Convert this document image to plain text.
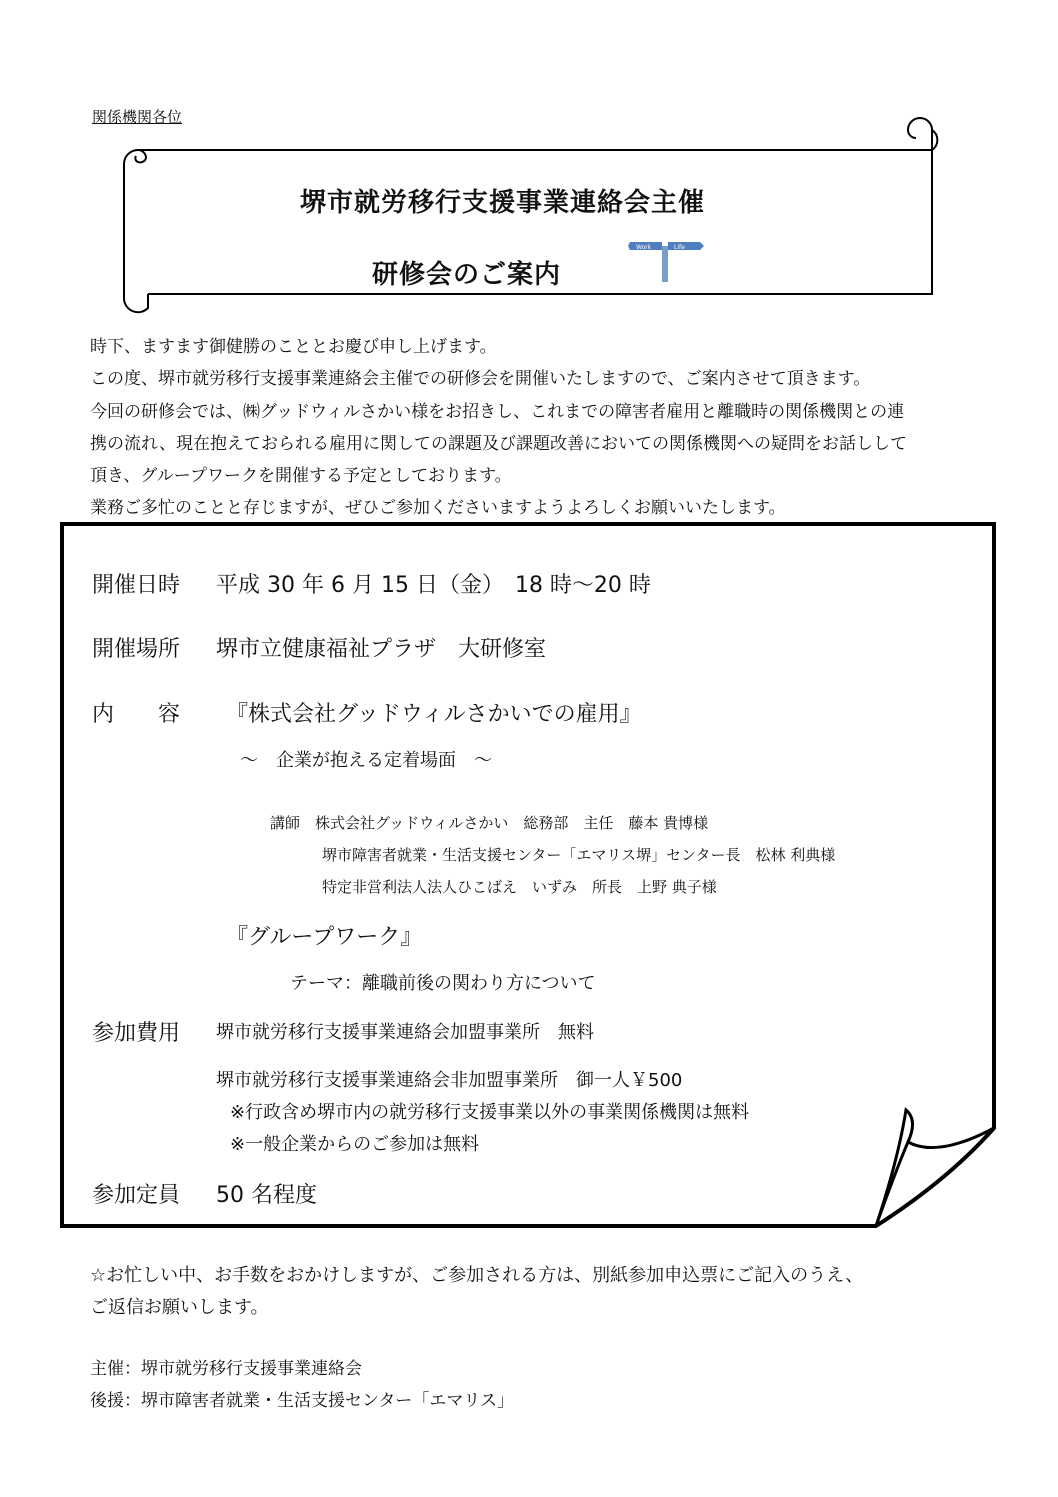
関係機関各位
堺市就労移行支援事業連絡会主催
研修会のご案内
Work	Life
時下、ますます御健勝のこととお慶び申し上げます。
この度、堺市就労移行支援事業連絡会主催での研修会を開催いたしますので、ご案内させて頂きます。
今回の研修会では、㈱グッドウィルさかい様をお招きし、これまでの障害者雇用と離職時の関係機関との連
携の流れ、現在抱えておられる雇用に関しての課題及び課題改善においての関係機関への疑問をお話しして
頂き、グループワークを開催する予定としております。
業務ご多忙のことと存じますが、ぜひご参加くださいますようよろしくお願いいたします。
開催日時 平成 30 年 6 月 15 日（金）　18 時～20 時
開催場所 堺市立健康福祉プラザ　大研修室
内　　容 『株式会社グッドウィルさかいでの雇用』
～　企業が抱える定着場面　～
講師　株式会社グッドウィルさかい　総務部　主任　藤本 貴博様
堺市障害者就業・生活支援センター「エマリス堺」センター長　松林 利典様
特定非営利法人法人ひこばえ　いずみ　所長　上野 典子様
『グループワーク』
テーマ：離職前後の関わり方について
参加費用 堺市就労移行支援事業連絡会加盟事業所　無料
堺市就労移行支援事業連絡会非加盟事業所　御一人￥500
※行政含め堺市内の就労移行支援事業以外の事業関係機関は無料
※一般企業からのご参加は無料
参加定員 50 名程度
☆お忙しい中、お手数をおかけしますが、ご参加される方は、別紙参加申込票にご記入のうえ、
ご返信お願いします。
主催：堺市就労移行支援事業連絡会
後援：堺市障害者就業・生活支援センター「エマリス」
